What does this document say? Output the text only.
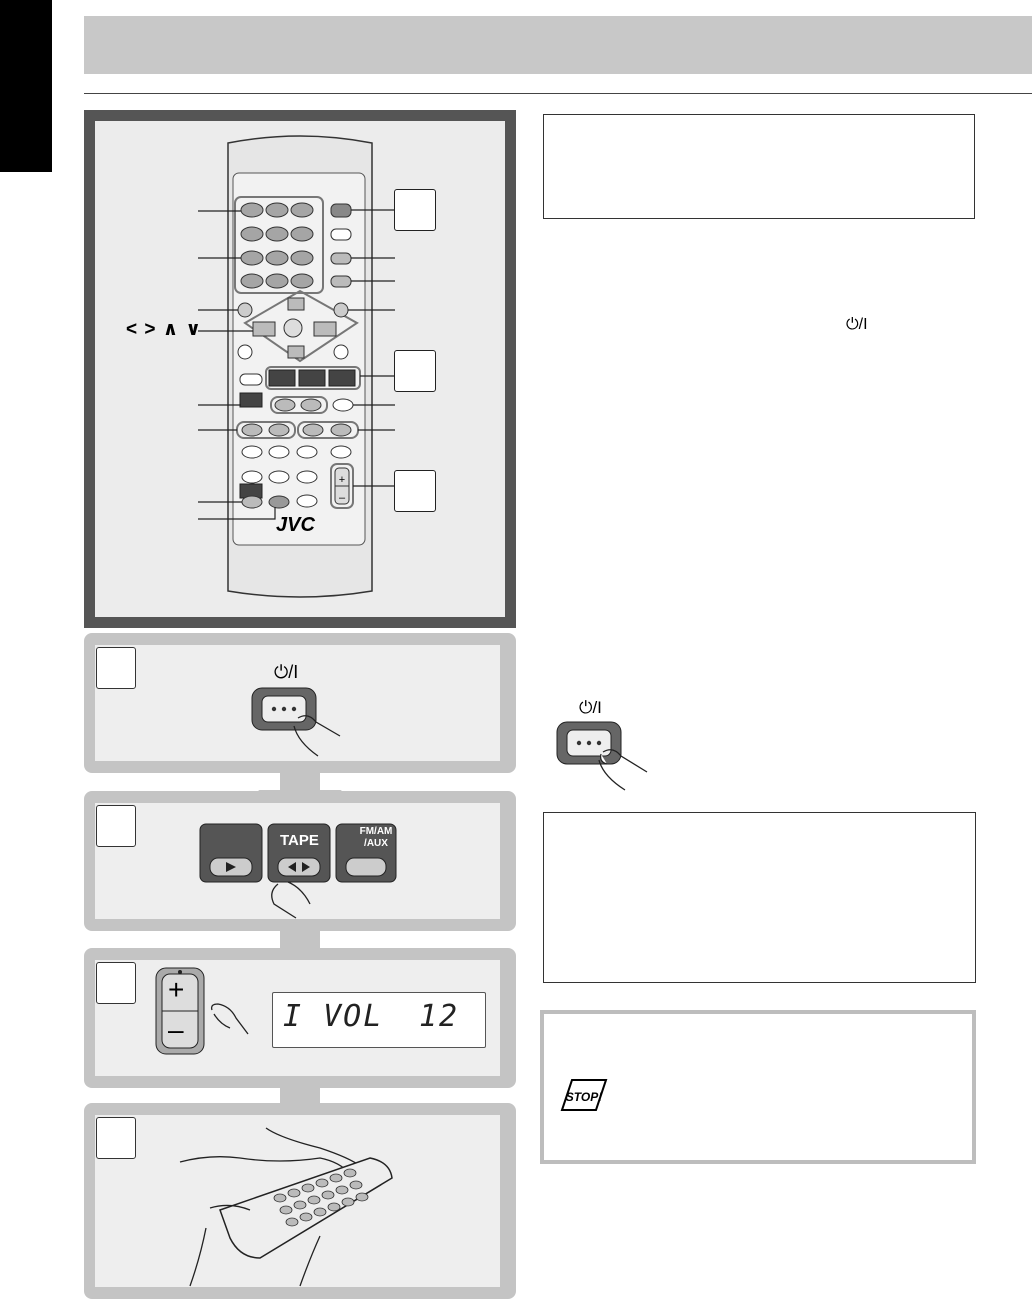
+
–
< > ∧ ∨
JVC
⏻/I
⏻/I
STOP!
⏻/I
TAPE
FM/AM
/AUX
+
–	I VOL 12
